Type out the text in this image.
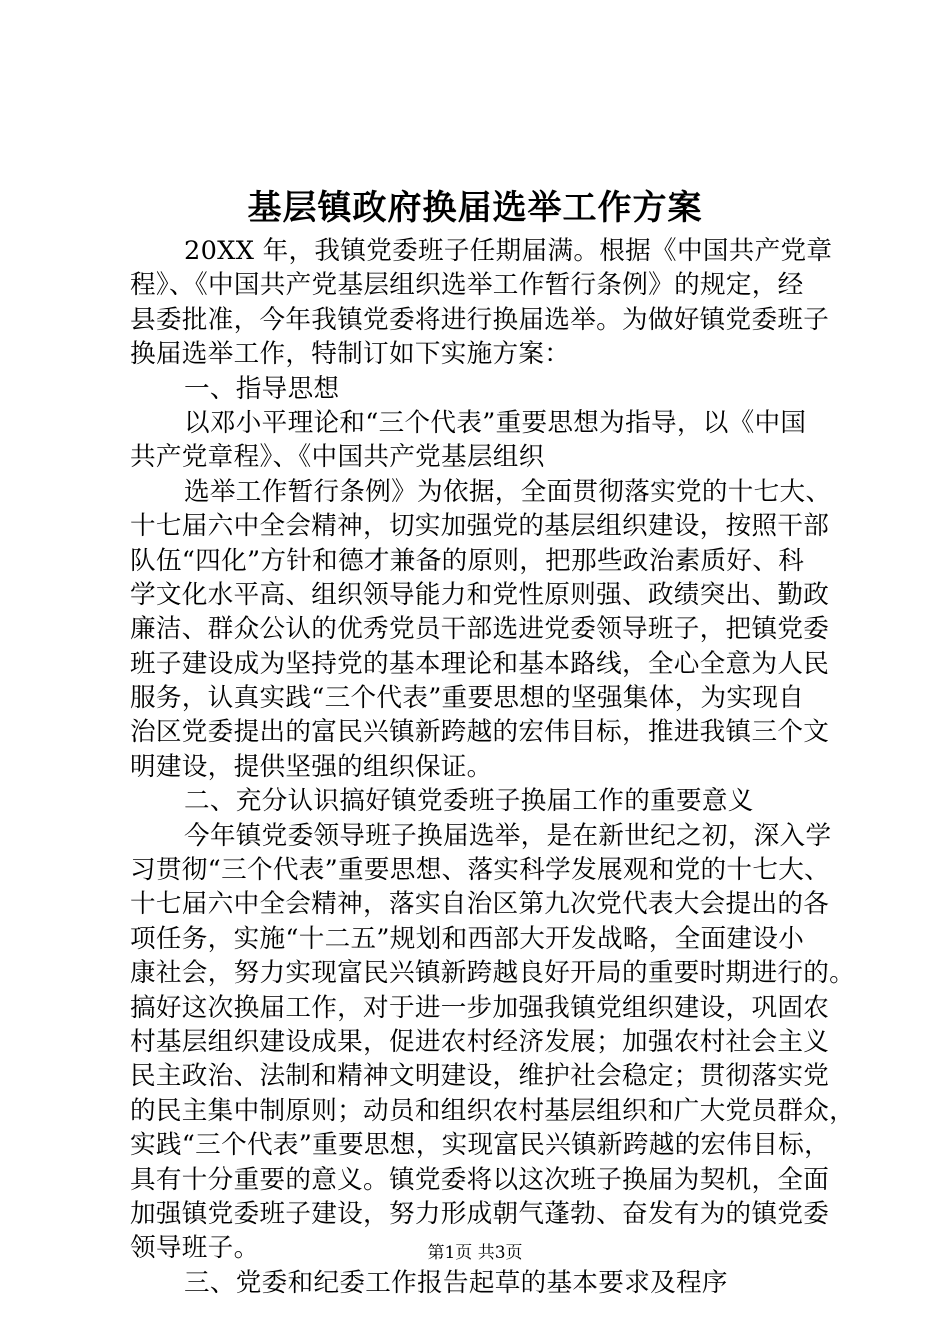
基层镇政府换届选举工作方案
20XX 年，我镇党委班子任期届满。根据《中国共产党章
程》、《中国共产党基层组织选举工作暂行条例》的规定，经
县委批准，今年我镇党委将进行换届选举。为做好镇党委班子
换届选举工作，特制订如下实施方案：
一、指导思想
以邓小平理论和“三个代表”重要思想为指导，以《中国
共产党章程》、《中国共产党基层组织
选举工作暂行条例》为依据，全面贯彻落实党的十七大、
十七届六中全会精神，切实加强党的基层组织建设，按照干部
队伍“四化”方针和德才兼备的原则，把那些政治素质好、科
学文化水平高、组织领导能力和党性原则强、政绩突出、勤政
廉洁、群众公认的优秀党员干部选进党委领导班子，把镇党委
班子建设成为坚持党的基本理论和基本路线，全心全意为人民
服务，认真实践“三个代表”重要思想的坚强集体，为实现自
治区党委提出的富民兴镇新跨越的宏伟目标，推进我镇三个文
明建设，提供坚强的组织保证。
二、充分认识搞好镇党委班子换届工作的重要意义
今年镇党委领导班子换届选举，是在新世纪之初，深入学
习贯彻“三个代表”重要思想、落实科学发展观和党的十七大、
十七届六中全会精神，落实自治区第九次党代表大会提出的各
项任务，实施“十二五”规划和西部大开发战略，全面建设小
康社会，努力实现富民兴镇新跨越良好开局的重要时期进行的。
搞好这次换届工作，对于进一步加强我镇党组织建设，巩固农
村基层组织建设成果，促进农村经济发展；加强农村社会主义
民主政治、法制和精神文明建设，维护社会稳定；贯彻落实党
的民主集中制原则；动员和组织农村基层组织和广大党员群众，
实践“三个代表”重要思想，实现富民兴镇新跨越的宏伟目标，
具有十分重要的意义。镇党委将以这次班子换届为契机，全面
加强镇党委班子建设，努力形成朝气蓬勃、奋发有为的镇党委
领导班子。
三、党委和纪委工作报告起草的基本要求及程序
第1页 共3页
